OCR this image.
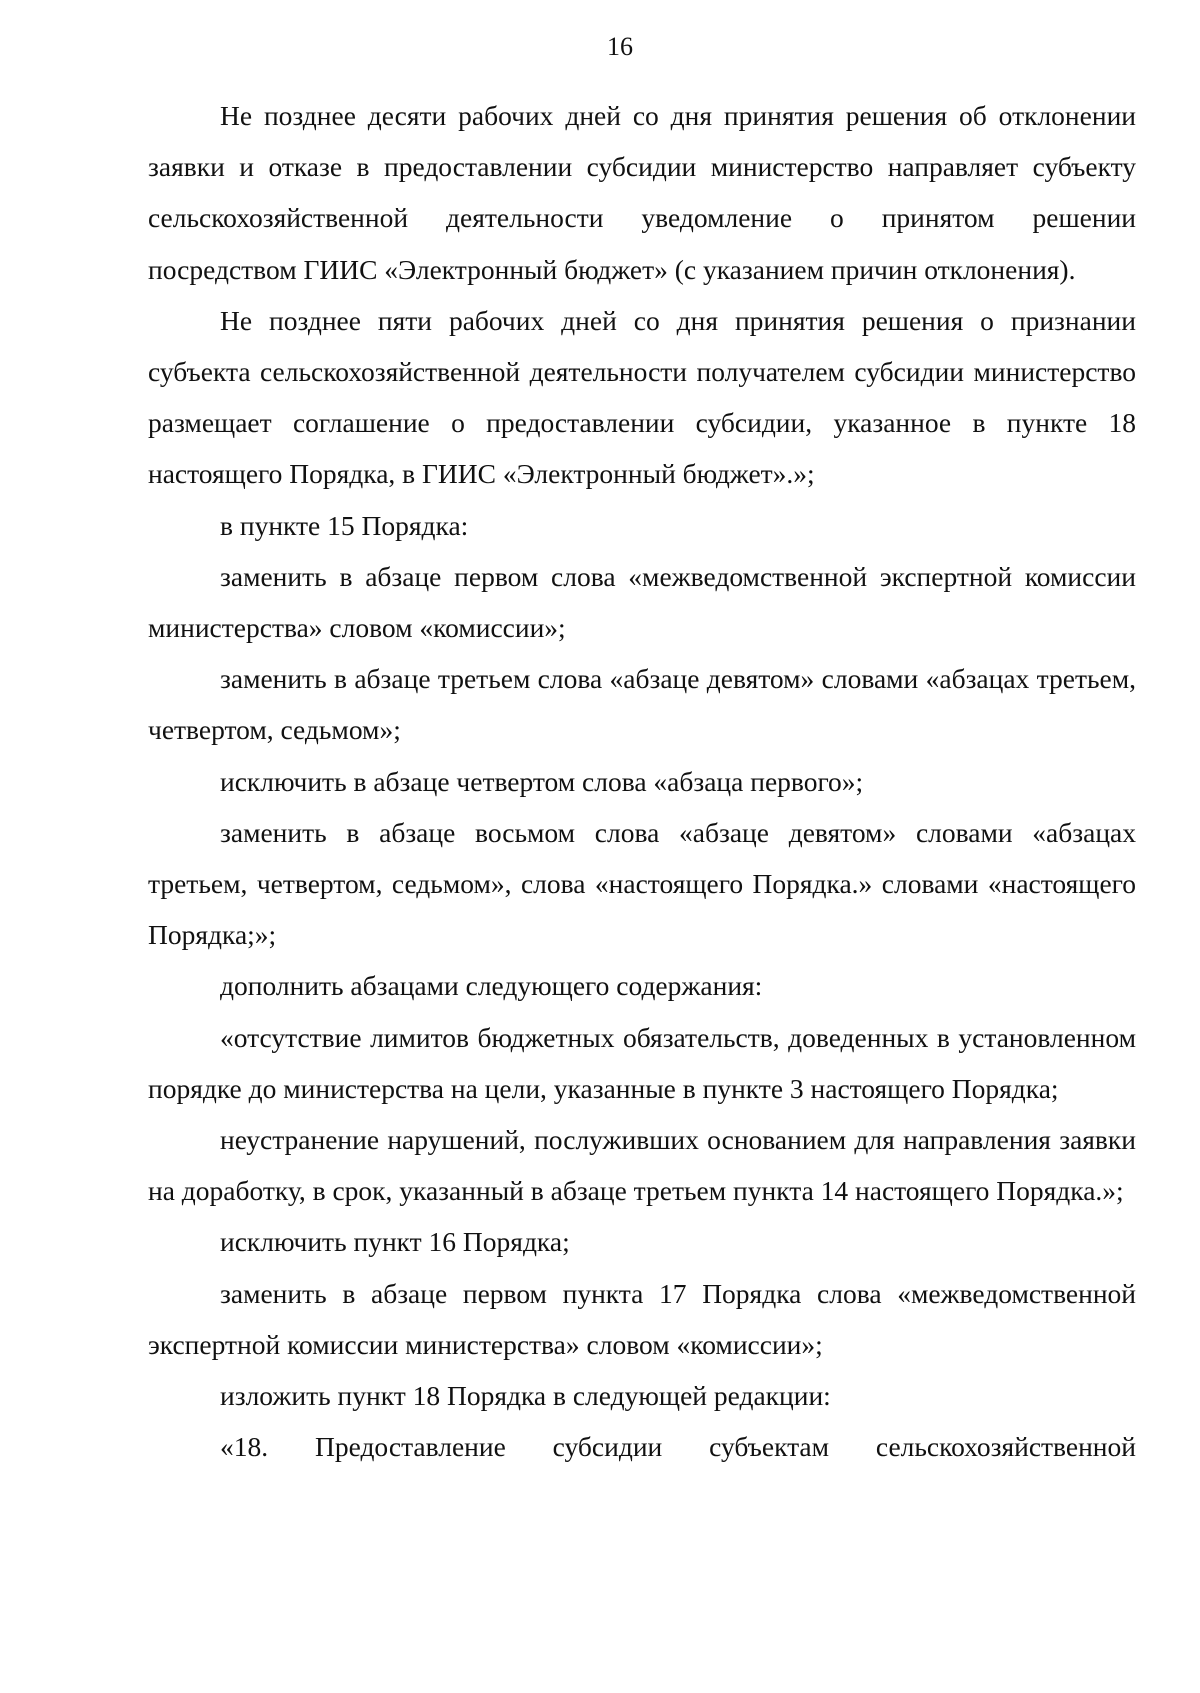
16

Не позднее десяти рабочих дней со дня принятия решения об отклонении заявки и отказе в предоставлении субсидии министерство направляет субъекту сельскохозяйственной деятельности уведомление о принятом решении посредством ГИИС «Электронный бюджет» (с указанием причин отклонения).

Не позднее пяти рабочих дней со дня принятия решения о признании субъекта сельскохозяйственной деятельности получателем субсидии министерство размещает соглашение о предоставлении субсидии, указанное в пункте 18 настоящего Порядка, в ГИИС «Электронный бюджет».»;

в пункте 15 Порядка:

заменить в абзаце первом слова «межведомственной экспертной комиссии министерства» словом «комиссии»;

заменить в абзаце третьем слова «абзаце девятом» словами «абзацах третьем, четвертом, седьмом»;

исключить в абзаце четвертом слова «абзаца первого»;

заменить в абзаце восьмом слова «абзаце девятом» словами «абзацах третьем, четвертом, седьмом», слова «настоящего Порядка.» словами «настоящего Порядка;»;

дополнить абзацами следующего содержания:

«отсутствие лимитов бюджетных обязательств, доведенных в установленном порядке до министерства на цели, указанные в пункте 3 настоящего Порядка;

неустранение нарушений, послуживших основанием для направления заявки на доработку, в срок, указанный в абзаце третьем пункта 14 настоящего Порядка.»;

исключить пункт 16 Порядка;

заменить в абзаце первом пункта 17 Порядка слова «межведомственной экспертной комиссии министерства» словом «комиссии»;

изложить пункт 18 Порядка в следующей редакции:

«18. Предоставление субсидии субъектам сельскохозяйственной
